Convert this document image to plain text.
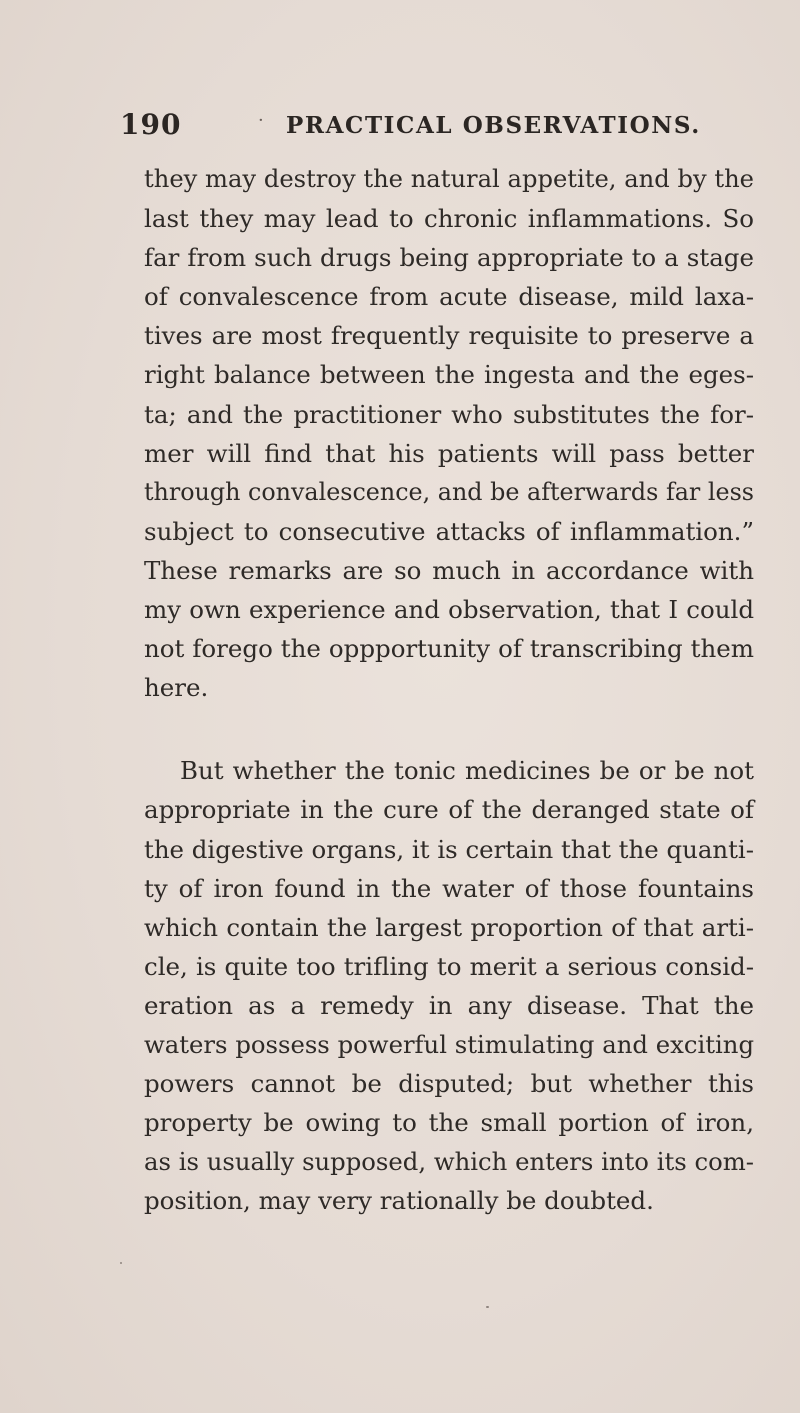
190	· PRACTICAL OBSERVATIONS.
they may destroy the natural appetite, and by the
last they may lead to chronic inflammations. So
far from such drugs being appropriate to a stage
of convalescence from acute disease, mild laxa-
tives are most frequently requisite to preserve a
right balance between the ingesta and the eges-
ta; and the practitioner who substitutes the for-
mer will find that his patients will pass better
through convalescence, and be afterwards far less
subject to consecutive attacks of inflammation.”
These remarks are so much in accordance with
my own experience and observation, that I could
not forego the oppportunity of transcribing them
here.
But whether the tonic medicines be or be not
appropriate in the cure of the deranged state of
the digestive organs, it is certain that the quanti-
ty of iron found in the water of those fountains
which contain the largest proportion of that arti-
cle, is quite too trifling to merit a serious consid-
eration as a remedy in any disease. That the
waters possess powerful stimulating and exciting
powers cannot be disputed; but whether this
property be owing to the small portion of iron,
as is usually supposed, which enters into its com-
position, may very rationally be doubted.
